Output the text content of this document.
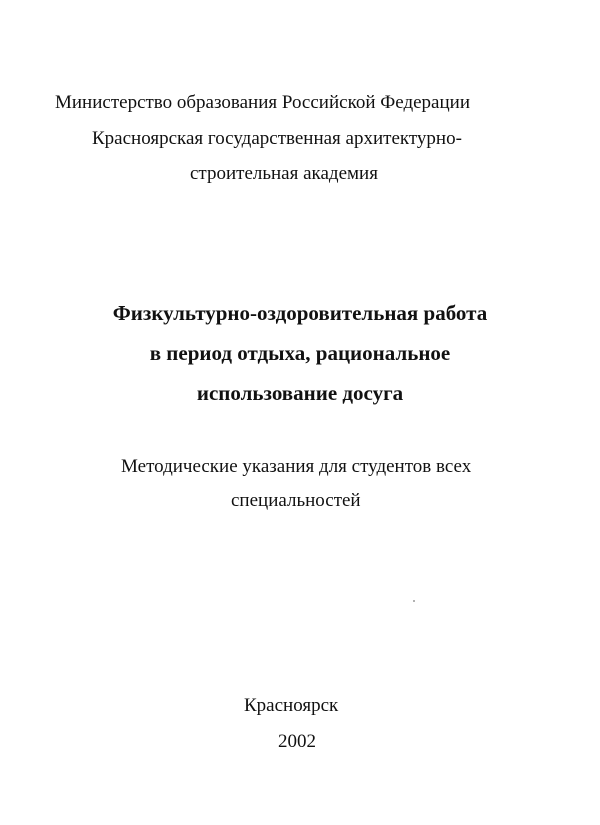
Министерство образования Российской Федерации
Красноярская государственная архитектурно-
строительная академия
Физкультурно-оздоровительная работа
в период отдыха, рациональное
использование досуга
Методические указания для студентов всех
специальностей
Красноярск
2002
